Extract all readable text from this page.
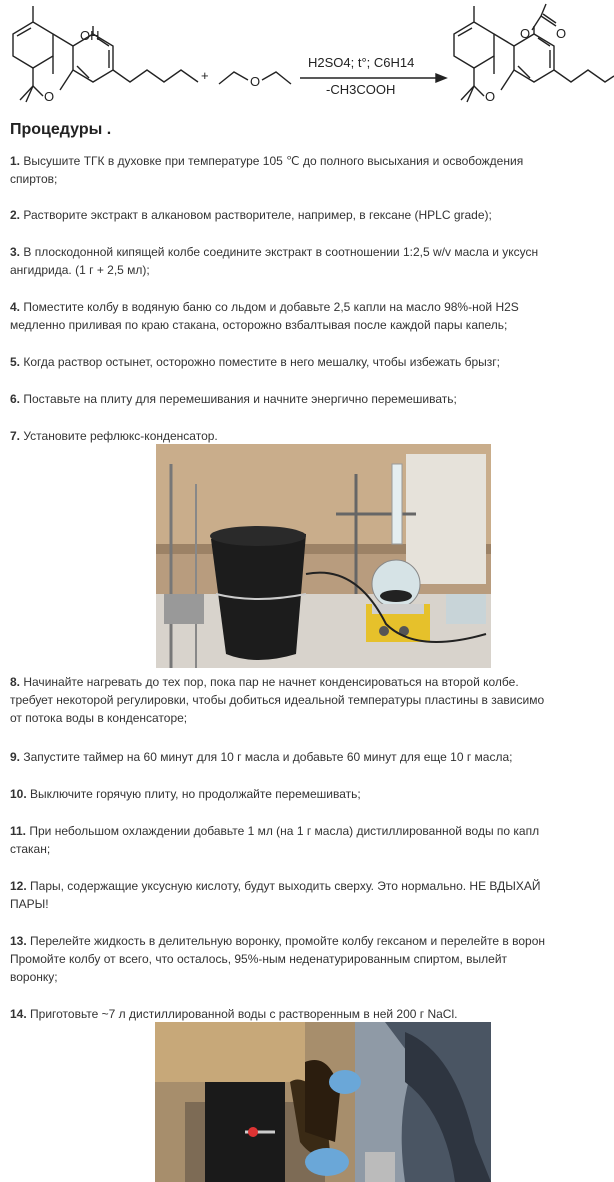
OH
O
+	O
H2SO4; t°; C6H14
-CH3COOH	O
O O
Процедуры .
1. Высушите ТГК в духовке при температуре 105 ℃ до полного высыхания и освобождения
спиртов;
2. Растворите экстракт в алкановом растворителе, например, в гексане (HPLC grade);
3. В плоскодонной кипящей колбе соедините экстракт в соотношении 1:2,5 w/v масла и уксусн
ангидрида. (1 г + 2,5 мл);
4. Поместите колбу в водяную баню со льдом и добавьте 2,5 капли на масло 98%-ной H2S
медленно приливая по краю стакана, осторожно взбалтывая после каждой пары капель;
5. Когда раствор остынет, осторожно поместите в него мешалку, чтобы избежать брызг;
6. Поставьте на плиту для перемешивания и начните энергично перемешивать;
7. Установите рефлюкс-конденсатор.
8. Начинайте нагревать до тех пор, пока пар не начнет конденсироваться на второй колбе.
требует некоторой регулировки, чтобы добиться идеальной температуры пластины в зависимо
от потока воды в конденсаторе;
9. Запустите таймер на 60 минут для 10 г масла и добавьте 60 минут для еще 10 г масла;
10. Выключите горячую плиту, но продолжайте перемешивать;
11. При небольшом охлаждении добавьте 1 мл (на 1 г масла) дистиллированной воды по капл
стакан;
12. Пары, содержащие уксусную кислоту, будут выходить сверху. Это нормально. НЕ ВДЫХАЙ
ПАРЫ!
13. Перелейте жидкость в делительную воронку, промойте колбу гексаном и перелейте в ворон
Промойте колбу от всего, что осталось, 95%-ным неденатурированным спиртом, вылейт
воронку;
14. Приготовьте ~7 л дистиллированной воды с растворенным в ней 200 г NaCl.
